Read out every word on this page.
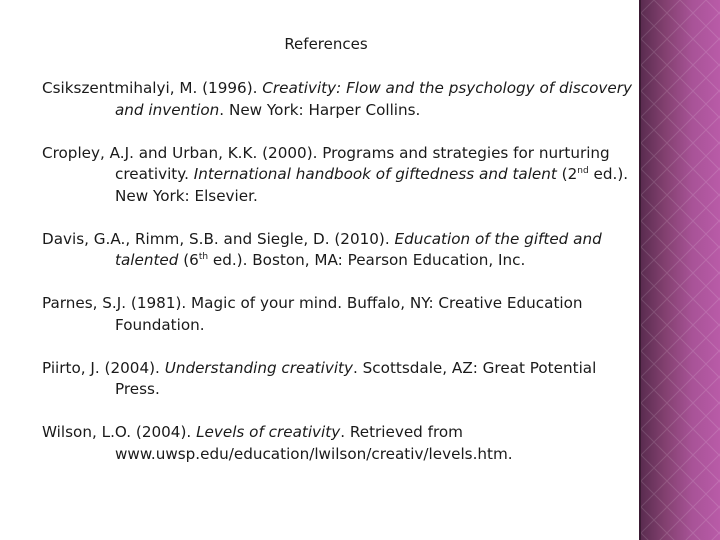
References

Csikszentmihalyi, M. (1996). Creativity: Flow and the psychology of discovery and invention. New York: Harper Collins.

Cropley, A.J. and Urban, K.K. (2000). Programs and strategies for nurturing creativity. International handbook of giftedness and talent (2nd ed.). New York: Elsevier.

Davis, G.A., Rimm, S.B. and Siegle, D. (2010). Education of the gifted and talented (6th ed.). Boston, MA: Pearson Education, Inc.

Parnes, S.J. (1981). Magic of your mind. Buffalo, NY: Creative Education Foundation.

Piirto, J. (2004). Understanding creativity. Scottsdale, AZ: Great Potential Press.

Wilson, L.O. (2004). Levels of creativity. Retrieved from www.uwsp.edu/education/lwilson/creativ/levels.htm.
